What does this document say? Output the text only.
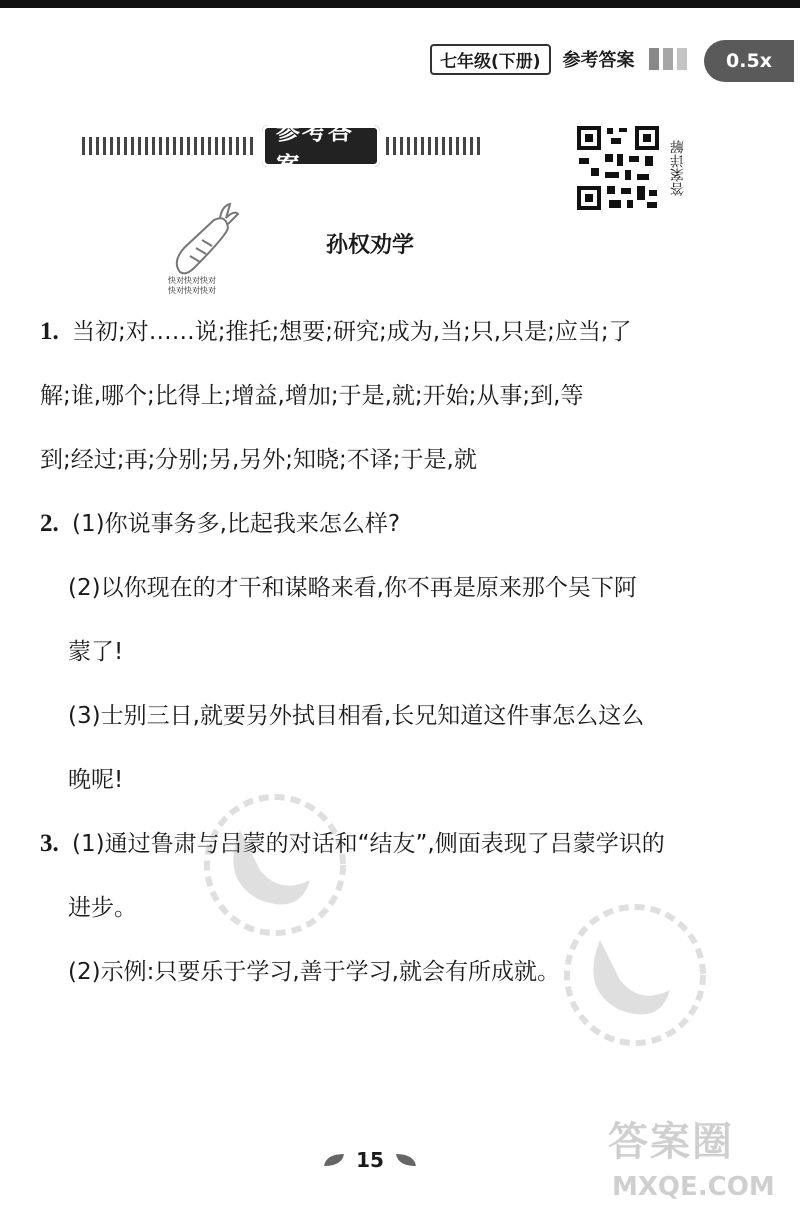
七年级(下册)	参考答案	0.5x
参考答案	答案详解
快对快对快对
快对快对快对
孙权劝学
1. 当初;对……说;推托;想要;研究;成为,当;只,只是;应当;了
解;谁,哪个;比得上;增益,增加;于是,就;开始;从事;到,等
到;经过;再;分别;另,另外;知晓;不译;于是,就
2. (1)你说事务多,比起我来怎么样?
(2)以你现在的才干和谋略来看,你不再是原来那个吴下阿
蒙了!
(3)士别三日,就要另外拭目相看,长兄知道这件事怎么这么
晚呢!
3. (1)通过鲁肃与吕蒙的对话和“结友”,侧面表现了吕蒙学识的
进步。
(2)示例:只要乐于学习,善于学习,就会有所成就。
15	答案圈
MXQE.COM
